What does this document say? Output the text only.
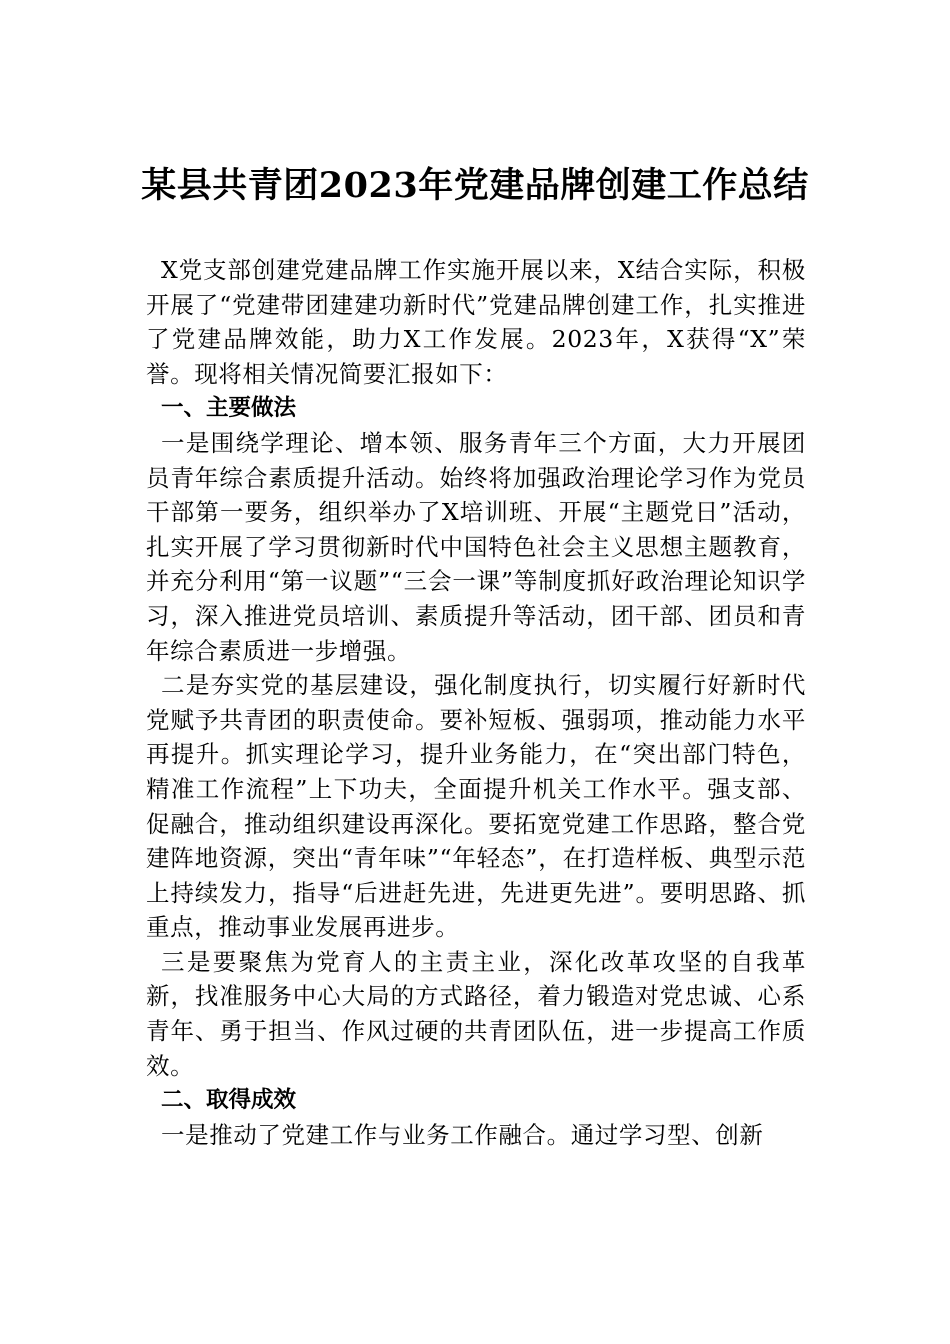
某县共青团2023年党建品牌创建工作总结

X党支部创建党建品牌工作实施开展以来，X结合实际，积极开展了“党建带团建建功新时代”党建品牌创建工作，扎实推进了党建品牌效能，助力X工作发展。2023年，X获得“X”荣誉。现将相关情况简要汇报如下：

一、主要做法

一是围绕学理论、增本领、服务青年三个方面，大力开展团员青年综合素质提升活动。始终将加强政治理论学习作为党员干部第一要务，组织举办了X培训班、开展“主题党日”活动，扎实开展了学习贯彻新时代中国特色社会主义思想主题教育，并充分利用“第一议题”“三会一课”等制度抓好政治理论知识学习，深入推进党员培训、素质提升等活动，团干部、团员和青年综合素质进一步增强。

二是夯实党的基层建设，强化制度执行，切实履行好新时代党赋予共青团的职责使命。要补短板、强弱项，推动能力水平再提升。抓实理论学习，提升业务能力，在“突出部门特色，精准工作流程”上下功夫，全面提升机关工作水平。强支部、促融合，推动组织建设再深化。要拓宽党建工作思路，整合党建阵地资源，突出“青年味”“年轻态”，在打造样板、典型示范上持续发力，指导“后进赶先进，先进更先进”。要明思路、抓重点，推动事业发展再进步。

三是要聚焦为党育人的主责主业，深化改革攻坚的自我革新，找准服务中心大局的方式路径，着力锻造对党忠诚、心系青年、勇于担当、作风过硬的共青团队伍，进一步提高工作质效。

二、取得成效

一是推动了党建工作与业务工作融合。通过学习型、创新
